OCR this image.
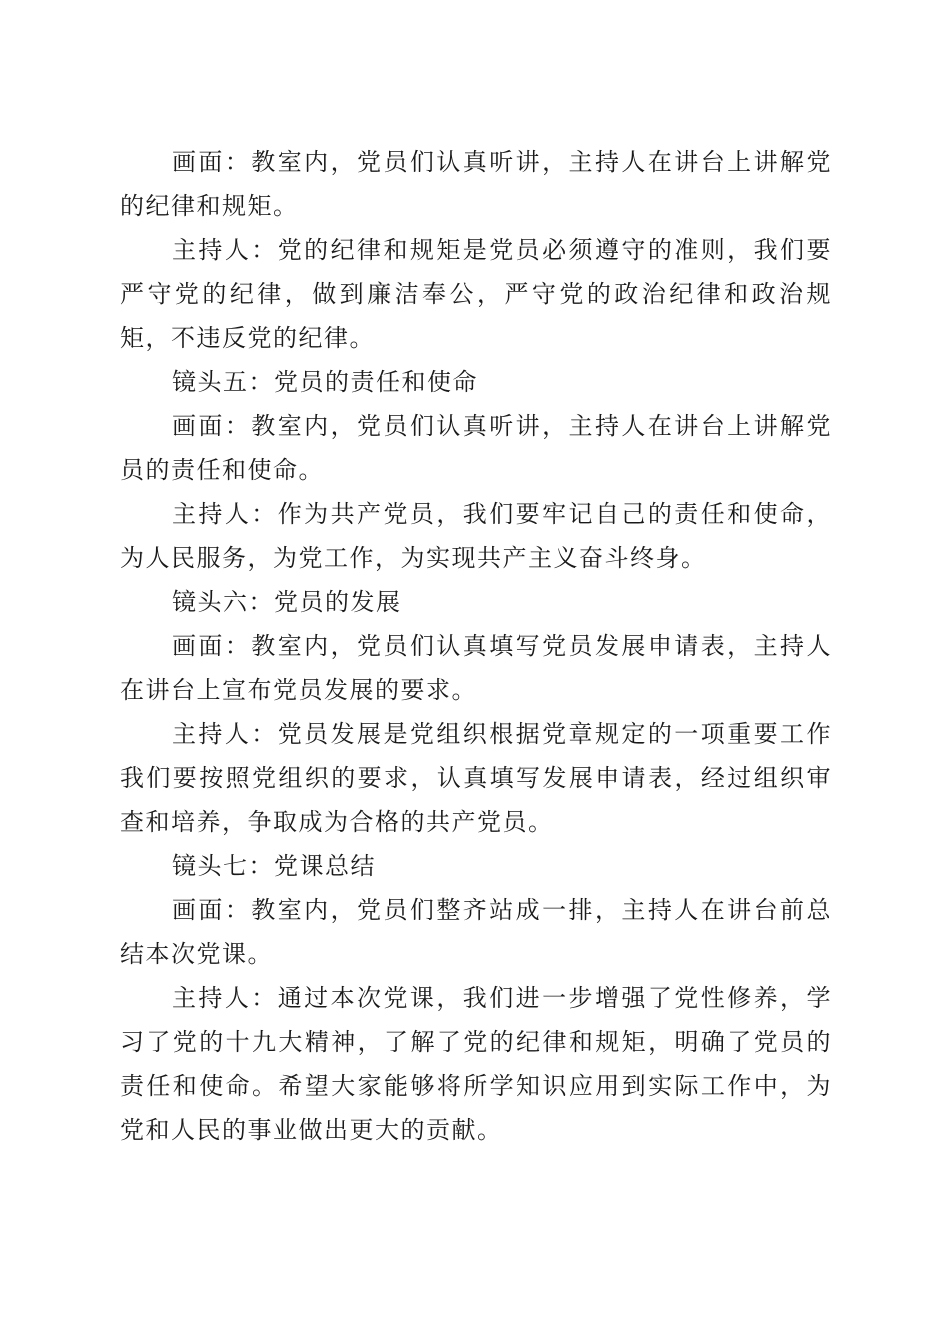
画面：教室内，党员们认真听讲，主持人在讲台上讲解党的纪律和规矩。

主持人：党的纪律和规矩是党员必须遵守的准则，我们要严守党的纪律，做到廉洁奉公，严守党的政治纪律和政治规矩，不违反党的纪律。

镜头五：党员的责任和使命

画面：教室内，党员们认真听讲，主持人在讲台上讲解党员的责任和使命。

主持人：作为共产党员，我们要牢记自己的责任和使命，为人民服务，为党工作，为实现共产主义奋斗终身。

镜头六：党员的发展

画面：教室内，党员们认真填写党员发展申请表，主持人在讲台上宣布党员发展的要求。

主持人：党员发展是党组织根据党章规定的一项重要工作我们要按照党组织的要求，认真填写发展申请表，经过组织审查和培养，争取成为合格的共产党员。

镜头七：党课总结

画面：教室内，党员们整齐站成一排，主持人在讲台前总结本次党课。

主持人：通过本次党课，我们进一步增强了党性修养，学习了党的十九大精神，了解了党的纪律和规矩，明确了党员的责任和使命。希望大家能够将所学知识应用到实际工作中，为党和人民的事业做出更大的贡献。
